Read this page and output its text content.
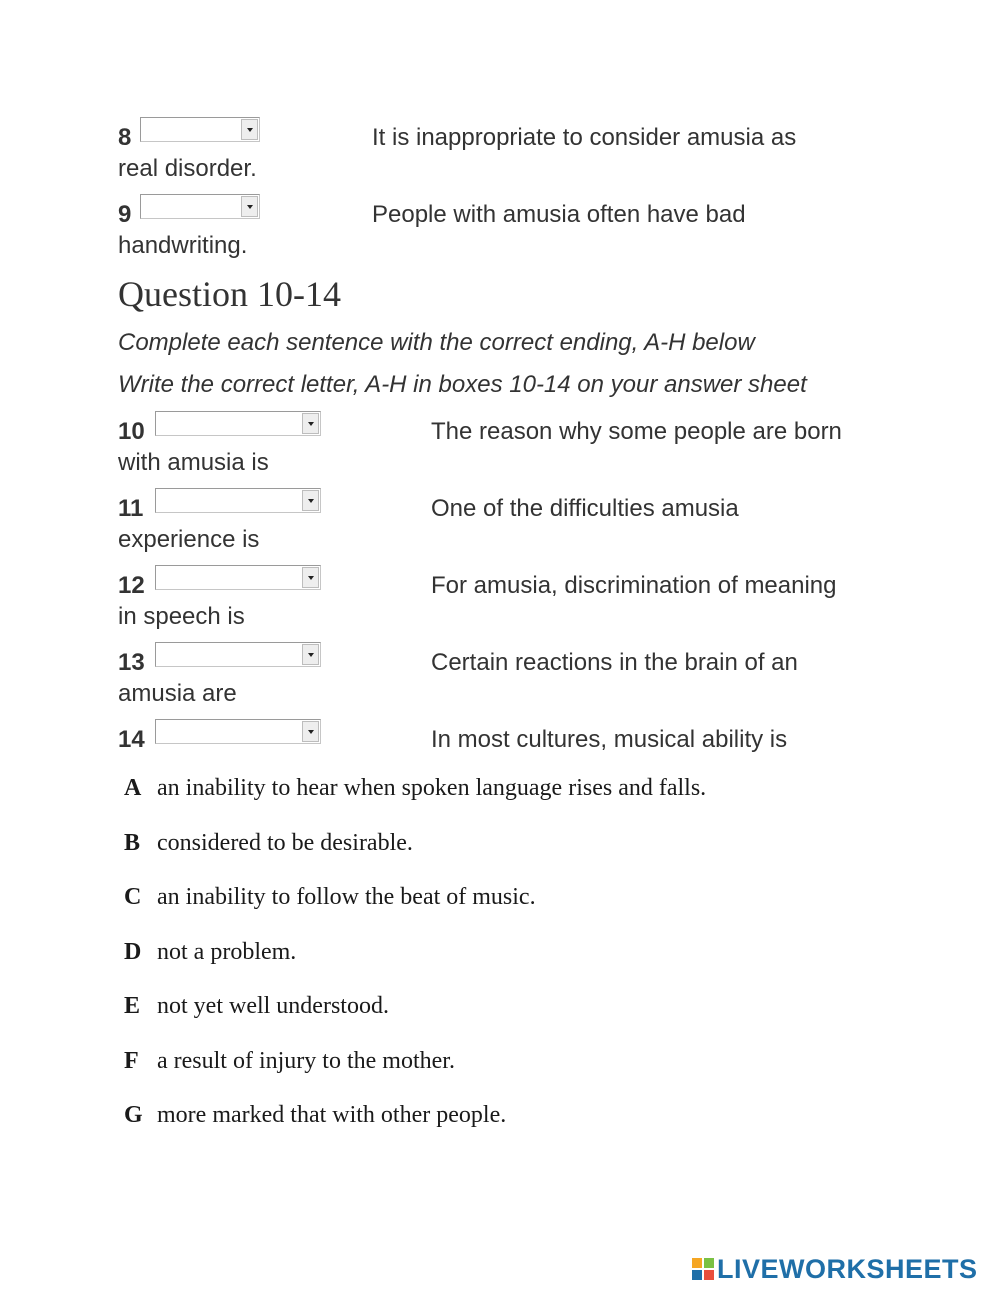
8	It is inappropriate to consider amusia as
real disorder.
9	People with amusia often have bad
handwriting.
Question 10-14
Complete each sentence with the correct ending, A-H below
Write the correct letter, A-H in boxes 10-14 on your answer sheet
10	The reason why some people are born
with amusia is
11	One of the difficulties amusia
experience is
12	For amusia, discrimination of meaning
in speech is
13	Certain reactions in the brain of an
amusia are
14	In most cultures, musical ability is
A an inability to hear when spoken language rises and falls.
B considered to be desirable.
C an inability to follow the beat of music.
D not a problem.
E not yet well understood.
F a result of injury to the mother.
G more marked that with other people.
LIVEWORKSHEETS
